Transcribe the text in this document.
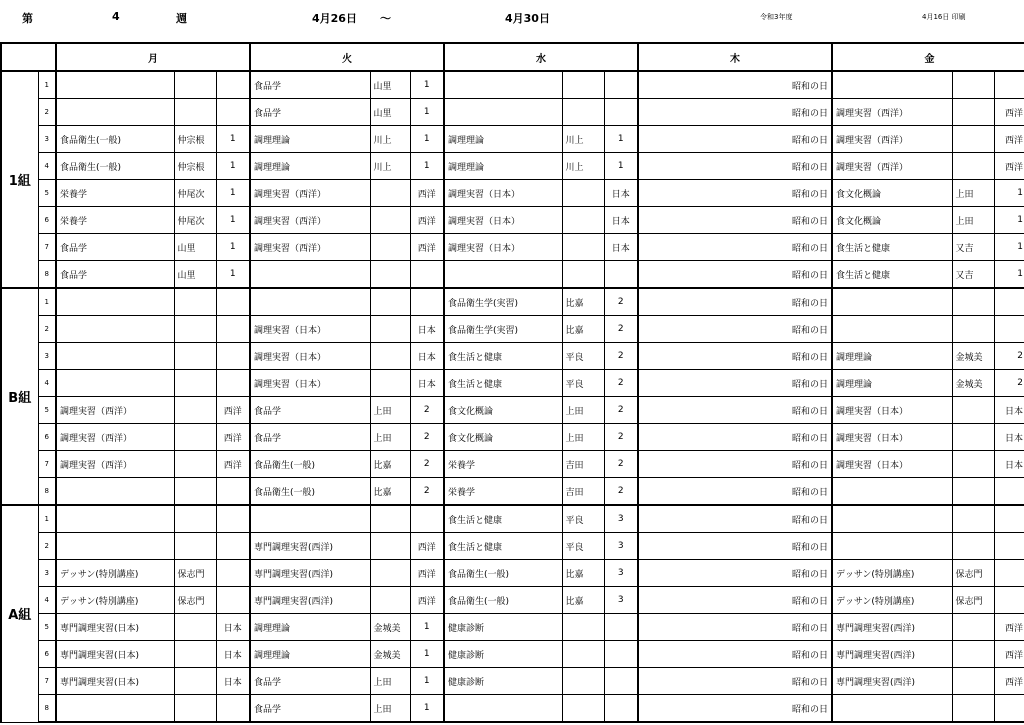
第	4	週	4月26日 ～	4月30日	令和3年度	4月16日 印刷
		月			火			水			木	金		
1組	1				食品学	山里	1				昭和の日			
	2				食品学	山里	1				昭和の日	調理実習（西洋）		西洋
	3	食品衛生(一般)	仲宗根	1	調理理論	川上	1	調理理論	川上	1	昭和の日	調理実習（西洋）		西洋
	4	食品衛生(一般)	仲宗根	1	調理理論	川上	1	調理理論	川上	1	昭和の日	調理実習（西洋）		西洋
	5	栄養学	仲尾次	1	調理実習（西洋）		西洋	調理実習（日本）		日本	昭和の日	食文化概論	上田	1
	6	栄養学	仲尾次	1	調理実習（西洋）		西洋	調理実習（日本）		日本	昭和の日	食文化概論	上田	1
	7	食品学	山里	1	調理実習（西洋）		西洋	調理実習（日本）		日本	昭和の日	食生活と健康	又吉	1
	8	食品学	山里	1							昭和の日	食生活と健康	又吉	1
B組	1							食品衛生学(実習)	比嘉	2	昭和の日			
	2				調理実習（日本）		日本	食品衛生学(実習)	比嘉	2	昭和の日			
	3				調理実習（日本）		日本	食生活と健康	平良	2	昭和の日	調理理論	金城美	2
	4				調理実習（日本）		日本	食生活と健康	平良	2	昭和の日	調理理論	金城美	2
	5	調理実習（西洋）		西洋	食品学	上田	2	食文化概論	上田	2	昭和の日	調理実習（日本）		日本
	6	調理実習（西洋）		西洋	食品学	上田	2	食文化概論	上田	2	昭和の日	調理実習（日本）		日本
	7	調理実習（西洋）		西洋	食品衛生(一般)	比嘉	2	栄養学	吉田	2	昭和の日	調理実習（日本）		日本
	8				食品衛生(一般)	比嘉	2	栄養学	吉田	2	昭和の日			
A組	1							食生活と健康	平良	3	昭和の日			
	2				専門調理実習(西洋)		西洋	食生活と健康	平良	3	昭和の日			
	3	デッサン(特別講座)	保志門		専門調理実習(西洋)		西洋	食品衛生(一般)	比嘉	3	昭和の日	デッサン(特別講座)	保志門	
	4	デッサン(特別講座)	保志門		専門調理実習(西洋)		西洋	食品衛生(一般)	比嘉	3	昭和の日	デッサン(特別講座)	保志門	
	5	専門調理実習(日本)		日本	調理理論	金城美	1	健康診断			昭和の日	専門調理実習(西洋)		西洋
	6	専門調理実習(日本)		日本	調理理論	金城美	1	健康診断			昭和の日	専門調理実習(西洋)		西洋
	7	専門調理実習(日本)		日本	食品学	上田	1	健康診断			昭和の日	専門調理実習(西洋)		西洋
	8				食品学	上田	1				昭和の日			
